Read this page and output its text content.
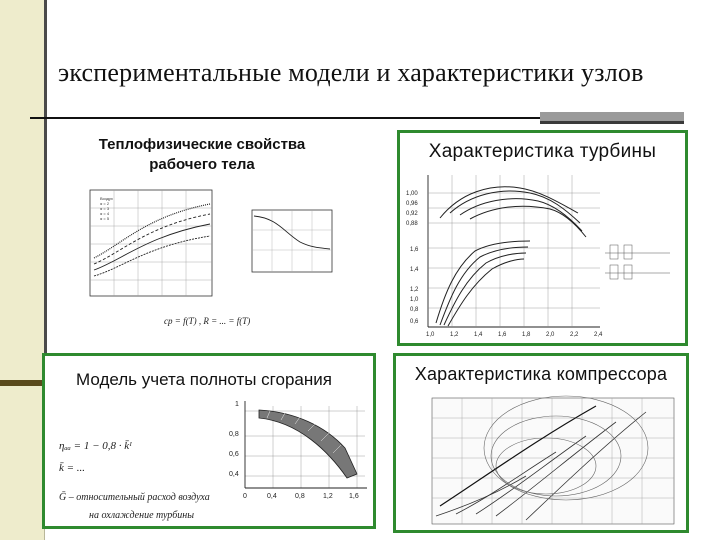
экспериментальные модели и характеристики узлов
Теплофизические свойства
рабочего тела
Воздух
α = 2
α = 3
α = 4
α = 5
cp = f(T) , R = ... = f(T)
Характеристика турбины
1,00
0,96
0,92
0,88
1,6
1,4
1,2
1,0
0,8
0,6
1,0	1,2	1,4	1,6	1,8	2,0	2,2	2,4
Модель учета полноты сгорания
1
0,8
0,6
0,4
0	0,4	0,8	1,2 1,6
ηₐₐ = 1 − 0,8 · k̄ᴵ
k̄ = ...
Ḡ – относительный расход воздуха
на охлаждение турбины
Характеристика компрессора
